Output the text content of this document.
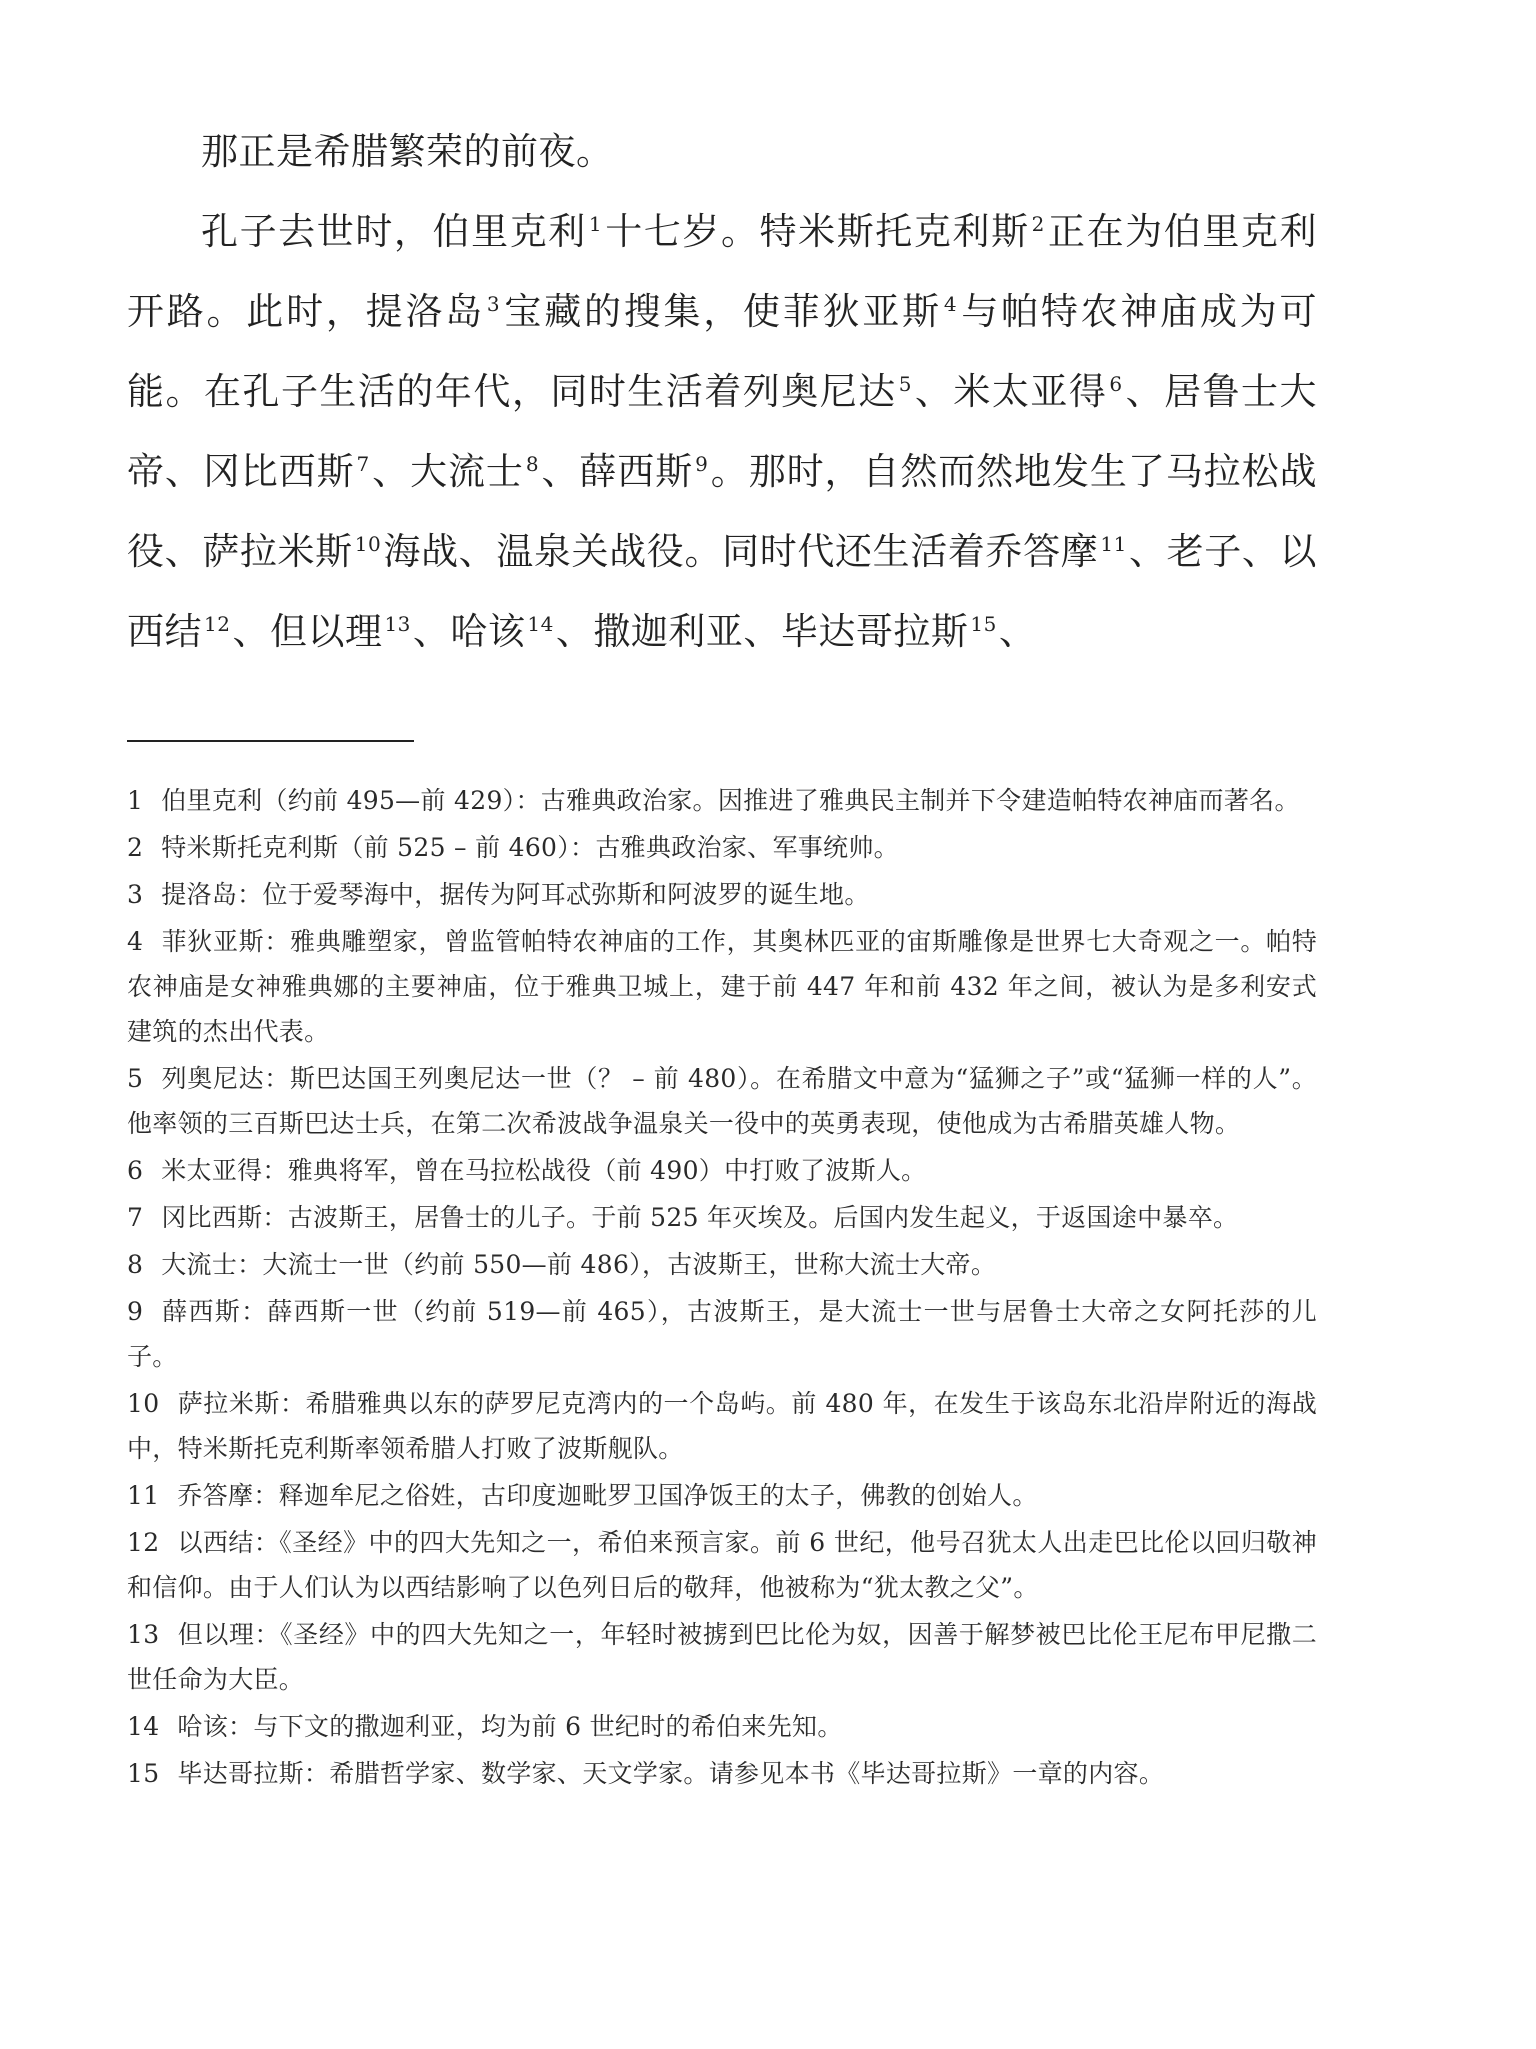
那正是希腊繁荣的前夜。

孔子去世时，伯里克利 $^1$十七岁。特米斯托克利斯 $^2$正在为伯里克利开路。此时，提洛岛 $^3$宝藏的搜集，使菲狄亚斯 $^4$与帕特农神庙成为可能。在孔子生活的年代，同时生活着列奥尼达 $^5$、米太亚得 $^6$、居鲁士大帝、冈比西斯 $^7$、大流士 $^8$、薛西斯 $^9$。那时，自然而然地发生了马拉松战役、萨拉米斯 $^{10}$海战、温泉关战役。同时代还生活着乔答摩 $^{11}$、老子、以西结 $^{12}$、但以理 $^{13}$、哈该 $^{14}$、撒迦利亚、毕达哥拉斯 $^{15}$、

1 伯里克利（约前 495—前 429）：古雅典政治家。因推进了雅典民主制并下令建造帕特农神庙而著名。
2 特米斯托克利斯（前 525 – 前 460）：古雅典政治家、军事统帅。
3 提洛岛：位于爱琴海中，据传为阿耳忒弥斯和阿波罗的诞生地。
4 菲狄亚斯：雅典雕塑家，曾监管帕特农神庙的工作，其奥林匹亚的宙斯雕像是世界七大奇观之一。帕特农神庙是女神雅典娜的主要神庙，位于雅典卫城上，建于前 447 年和前 432 年之间，被认为是多利安式建筑的杰出代表。
5 列奥尼达：斯巴达国王列奥尼达一世（？ – 前 480）。在希腊文中意为“猛狮之子”或“猛狮一样的人”。他率领的三百斯巴达士兵，在第二次希波战争温泉关一役中的英勇表现，使他成为古希腊英雄人物。
6 米太亚得：雅典将军，曾在马拉松战役（前 490）中打败了波斯人。
7 冈比西斯：古波斯王，居鲁士的儿子。于前 525 年灭埃及。后国内发生起义，于返国途中暴卒。
8 大流士：大流士一世（约前 550—前 486），古波斯王，世称大流士大帝。
9 薛西斯：薛西斯一世（约前 519—前 465），古波斯王，是大流士一世与居鲁士大帝之女阿托莎的儿子。
10 萨拉米斯：希腊雅典以东的萨罗尼克湾内的一个岛屿。前 480 年，在发生于该岛东北沿岸附近的海战中，特米斯托克利斯率领希腊人打败了波斯舰队。
11 乔答摩：释迦牟尼之俗姓，古印度迦毗罗卫国净饭王的太子，佛教的创始人。
12 以西结：《圣经》中的四大先知之一，希伯来预言家。前 6 世纪，他号召犹太人出走巴比伦以回归敬神和信仰。由于人们认为以西结影响了以色列日后的敬拜，他被称为“犹太教之父”。
13 但以理：《圣经》中的四大先知之一，年轻时被掳到巴比伦为奴，因善于解梦被巴比伦王尼布甲尼撒二世任命为大臣。
14 哈该：与下文的撒迦利亚，均为前 6 世纪时的希伯来先知。
15 毕达哥拉斯：希腊哲学家、数学家、天文学家。请参见本书《毕达哥拉斯》一章的内容。
